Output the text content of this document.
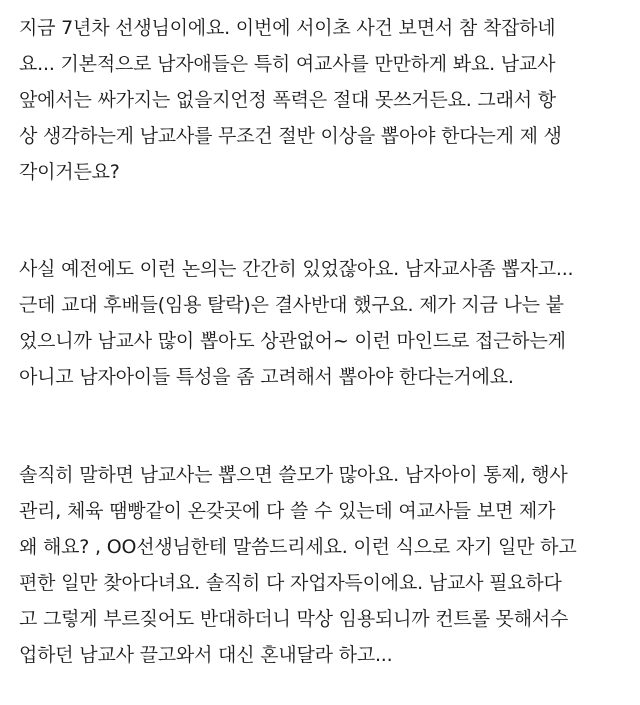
지금 7년차 선생님이에요. 이번에 서이초 사건 보면서 참 착잡하네
요... 기본적으로 남자애들은 특히 여교사를 만만하게 봐요. 남교사
앞에서는 싸가지는 없을지언정 폭력은 절대 못쓰거든요. 그래서 항
상 생각하는게 남교사를 무조건 절반 이상을 뽑아야 한다는게 제 생
각이거든요?
사실 예전에도 이런 논의는 간간히 있었잖아요. 남자교사좀 뽑자고...
근데 교대 후배들(임용 탈락)은 결사반대 했구요. 제가 지금 나는 붙
었으니까 남교사 많이 뽑아도 상관없어~ 이런 마인드로 접근하는게
아니고 남자아이들 특성을 좀 고려해서 뽑아야 한다는거에요.
솔직히 말하면 남교사는 뽑으면 쓸모가 많아요. 남자아이 통제, 행사
관리, 체육 땜빵같이 온갖곳에 다 쓸 수 있는데 여교사들 보면 제가
왜 해요? , OO선생님한테 말씀드리세요. 이런 식으로 자기 일만 하고
편한 일만 찾아다녀요. 솔직히 다 자업자득이에요. 남교사 필요하다
고 그렇게 부르짖어도 반대하더니 막상 임용되니까 컨트롤 못해서수
업하던 남교사 끌고와서 대신 혼내달라 하고...
